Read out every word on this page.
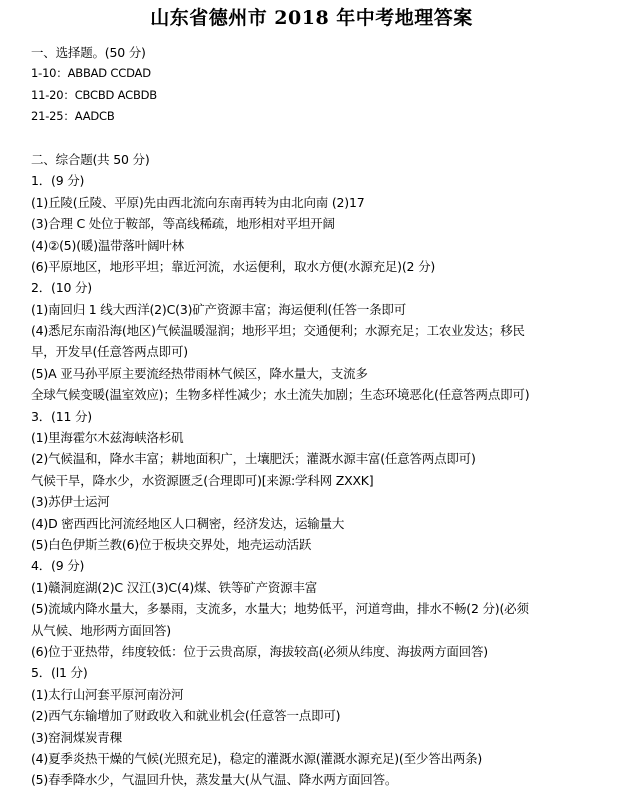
山东省德州市 2018 年中考地理答案
一、选择题。(50 分)
1-10：ABBAD CCDAD
11-20：CBCBD ACBDB
21-25：AADCB
二、综合题(共 50 分)
1．(9 分)
(1)丘陵(丘陵、平原)先由西北流向东南再转为由北向南 (2)17
(3)合理 C 处位于鞍部，等高线稀疏，地形相对平坦开阔
(4)②(5)(暖)温带落叶阔叶林
(6)平原地区，地形平坦；靠近河流，水运便利，取水方便(水源充足)(2 分)
2．(10 分)
(1)南回归 1 线大西洋(2)C(3)矿产资源丰富；海运便利(任答一条即可
(4)悉尼东南沿海(地区)气候温暖湿润；地形平坦；交通便利；水源充足；工农业发达；移民
早，开发早(任意答两点即可)
(5)A 亚马孙平原主要流经热带雨林气候区，降水量大，支流多
全球气候变暖(温室效应)；生物多样性减少；水土流失加剧；生态环境恶化(任意答两点即可)
3．(11 分)
(1)里海霍尔木兹海峡洛杉矶
(2)气候温和，降水丰富；耕地面积广，土壤肥沃；灌溉水源丰富(任意答两点即可)
气候干旱，降水少，水资源匮乏(合理即可)[来源:学科网 ZXXK]
(3)苏伊士运河
(4)D 密西西比河流经地区人口稠密，经济发达，运输量大
(5)白色伊斯兰教(6)位于板块交界处，地壳运动活跃
4．(9 分)
(1)赣洞庭湖(2)C 汉江(3)C(4)煤、铁等矿产资源丰富
(5)流域内降水量大，多暴雨，支流多，水量大；地势低平，河道弯曲，排水不畅(2 分)(必须
从气候、地形两方面回答)
(6)位于亚热带，纬度较低：位于云贵高原，海拔较高(必须从纬度、海拔两方面回答)
5．(l1 分)
(1)太行山河套平原河南汾河
(2)西气东输增加了财政收入和就业机会(任意答一点即可)
(3)窑洞煤炭青稞
(4)夏季炎热干燥的气候(光照充足)，稳定的灌溉水源(灌溉水源充足)(至少答出两条)
(5)春季降水少，气温回升快，蒸发量大(从气温、降水两方面回答。
